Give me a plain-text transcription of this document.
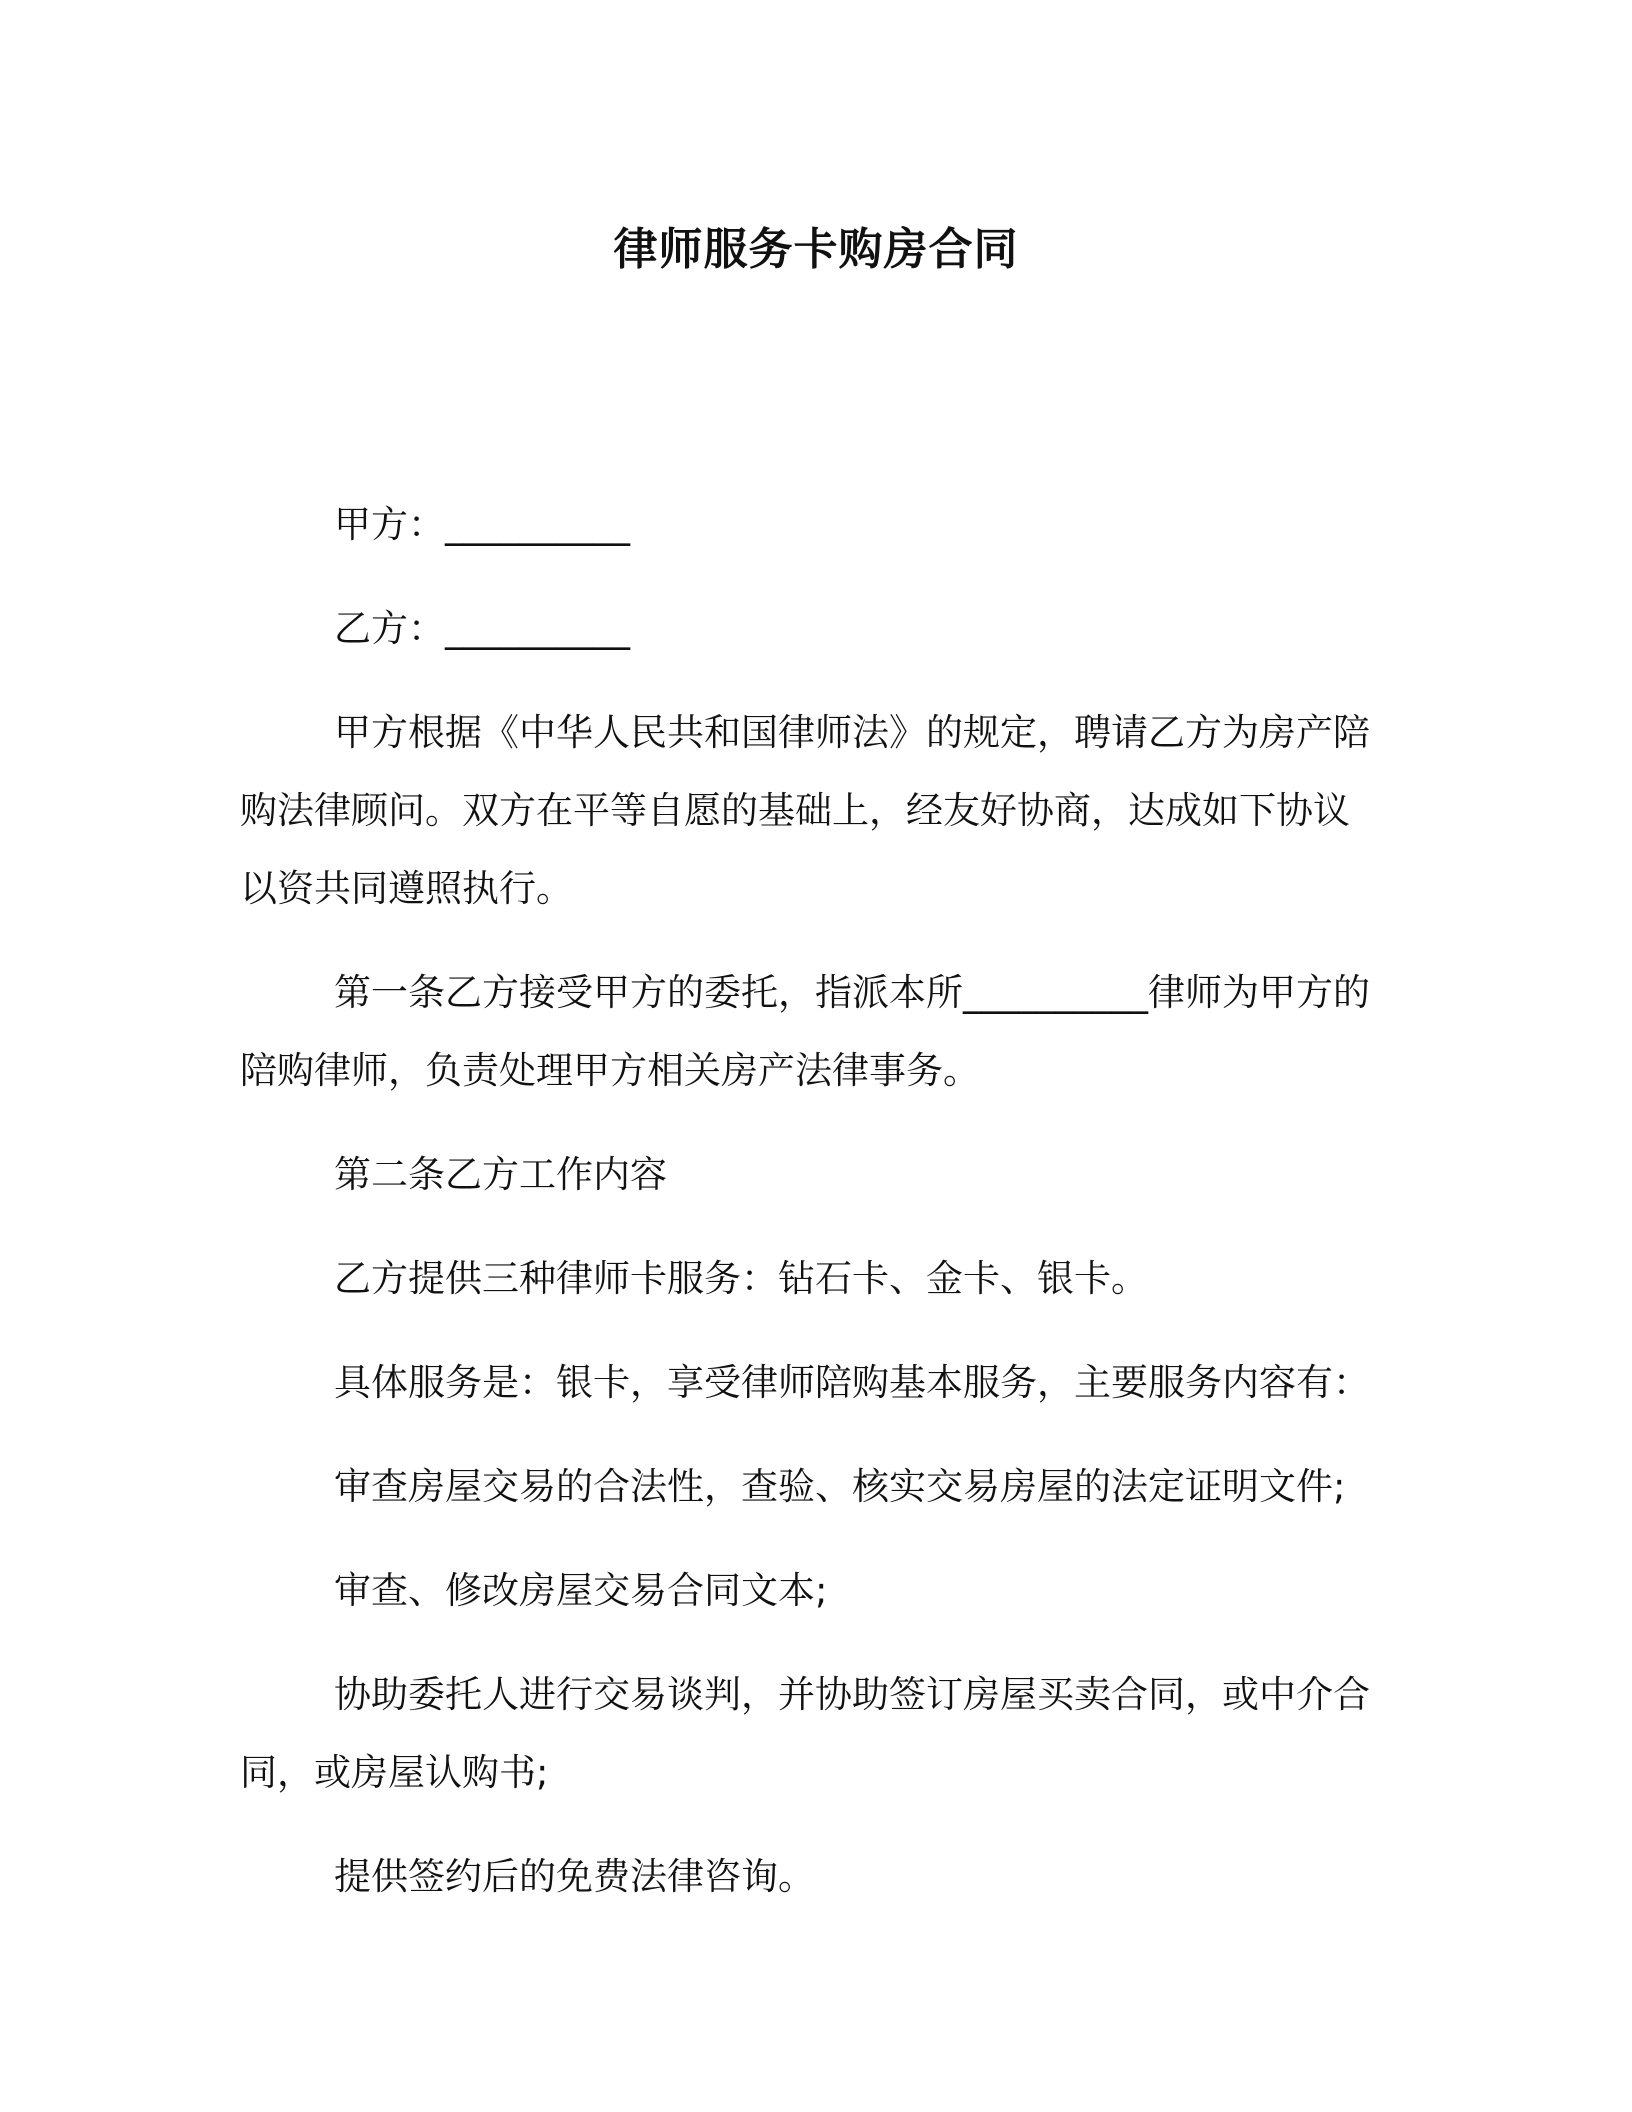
律师服务卡购房合同

甲方：__________

乙方：__________

甲方根据《中华人民共和国律师法》的规定，聘请乙方为房产陪购法律顾问。双方在平等自愿的基础上，经友好协商，达成如下协议以资共同遵照执行。

第一条乙方接受甲方的委托，指派本所__________律师为甲方的陪购律师，负责处理甲方相关房产法律事务。

第二条乙方工作内容

乙方提供三种律师卡服务：钻石卡、金卡、银卡。

具体服务是：银卡，享受律师陪购基本服务，主要服务内容有：

审查房屋交易的合法性，查验、核实交易房屋的法定证明文件;

审查、修改房屋交易合同文本;

协助委托人进行交易谈判，并协助签订房屋买卖合同，或中介合同，或房屋认购书;

提供签约后的免费法律咨询。
